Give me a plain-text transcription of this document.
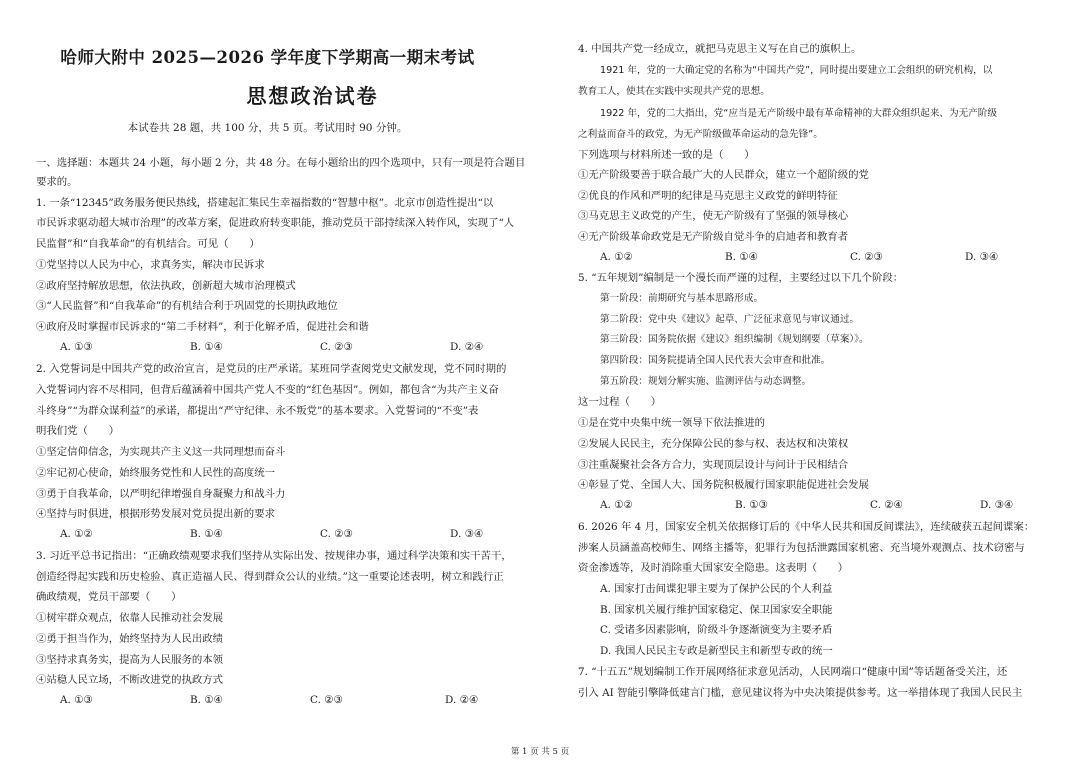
哈师大附中 2025—2026 学年度下学期高一期末考试
思想政治试卷
本试卷共 28 题，共 100 分，共 5 页。考试用时 90 分钟。
一、选择题：本题共 24 小题，每小题 2 分，共 48 分。在每小题给出的四个选项中，只有一项是符合题目
要求的。
1. 一条“12345”政务服务便民热线，搭建起汇集民生幸福指数的“智慧中枢”。北京市创造性提出“以
市民诉求驱动超大城市治理”的改革方案，促进政府转变职能，推动党员干部持续深入转作风，实现了“人
民监督”和“自我革命”的有机结合。可见（　　）
①党坚持以人民为中心，求真务实，解决市民诉求
②政府坚持解放思想，依法执政，创新超大城市治理模式
③“人民监督”和“自我革命”的有机结合利于巩固党的长期执政地位
④政府及时掌握市民诉求的“第二手材料”，利于化解矛盾，促进社会和谐
A. ①③	B. ①④	C. ②③	D. ②④
2. 入党誓词是中国共产党的政治宣言，是党员的庄严承诺。某班同学查阅党史文献发现，党不同时期的
入党誓词内容不尽相同，但背后蕴涵着中国共产党人不变的“红色基因”。例如，都包含“为共产主义奋
斗终身”“为群众谋利益”的承诺，都提出“严守纪律、永不叛党”的基本要求。入党誓词的“不变”表
明我们党（　　）
①坚定信仰信念，为实现共产主义这一共同理想而奋斗
②牢记初心使命，始终服务党性和人民性的高度统一
③勇于自我革命，以严明纪律增强自身凝聚力和战斗力
④坚持与时俱进，根据形势发展对党员提出新的要求
A. ①②	B. ①④	C. ②③	D. ③④
3. 习近平总书记指出：“正确政绩观要求我们坚持从实际出发、按规律办事，通过科学决策和实干苦干，
创造经得起实践和历史检验、真正造福人民、得到群众公认的业绩。”这一重要论述表明，树立和践行正
确政绩观，党员干部要（　　）
①树牢群众观点，依靠人民推动社会发展
②勇于担当作为，始终坚持为人民出政绩
③坚持求真务实，提高为人民服务的本领
④站稳人民立场，不断改进党的执政方式
A. ①③	B. ①④	C. ②③	D. ②④
4. 中国共产党一经成立，就把马克思主义写在自己的旗帜上。
1921 年，党的一大确定党的名称为“中国共产党”，同时提出要建立工会组织的研究机构，以
教育工人，使其在实践中实现共产党的思想。
1922 年，党的二大指出，党“应当是无产阶级中最有革命精神的大群众组织起来、为无产阶级
之利益而奋斗的政党，为无产阶级做革命运动的急先锋”。
下列选项与材料所述一致的是（　　）
①无产阶级要善于联合最广大的人民群众，建立一个超阶级的党
②优良的作风和严明的纪律是马克思主义政党的鲜明特征
③马克思主义政党的产生，使无产阶级有了坚强的领导核心
④无产阶级革命政党是无产阶级自觉斗争的启迪者和教育者
A. ①②	B. ①④	C. ②③	D. ③④
5. “五年规划”编制是一个漫长而严谨的过程，主要经过以下几个阶段：
第一阶段：前期研究与基本思路形成。
第二阶段：党中央《建议》起草、广泛征求意见与审议通过。
第三阶段：国务院依据《建议》组织编制《规划纲要（草案）》。
第四阶段：国务院提请全国人民代表大会审查和批准。
第五阶段：规划分解实施、监测评估与动态调整。
这一过程（　　）
①是在党中央集中统一领导下依法推进的
②发展人民民主，充分保障公民的参与权、表达权和决策权
③注重凝聚社会各方合力，实现顶层设计与问计于民相结合
④彰显了党、全国人大、国务院积极履行国家职能促进社会发展
A. ①②	B. ①③	C. ②④	D. ③④
6. 2026 年 4 月，国家安全机关依据修订后的《中华人民共和国反间谍法》，连续破获五起间谍案：
涉案人员涵盖高校师生、网络主播等，犯罪行为包括泄露国家机密、充当境外观测点、技术窃密与
资金渗透等，及时消除重大国家安全隐患。这表明（　　）
A. 国家打击间谍犯罪主要为了保护公民的个人利益
B. 国家机关履行维护国家稳定、保卫国家安全职能
C. 受诸多因素影响，阶级斗争逐渐演变为主要矛盾
D. 我国人民民主专政是新型民主和新型专政的统一
7. “十五五”规划编制工作开展网络征求意见活动，人民网端口“健康中国”等话题备受关注，还
引入 AI 智能引擎降低建言门槛，意见建议将为中央决策提供参考。这一举措体现了我国人民民主
第 1 页 共 5 页
